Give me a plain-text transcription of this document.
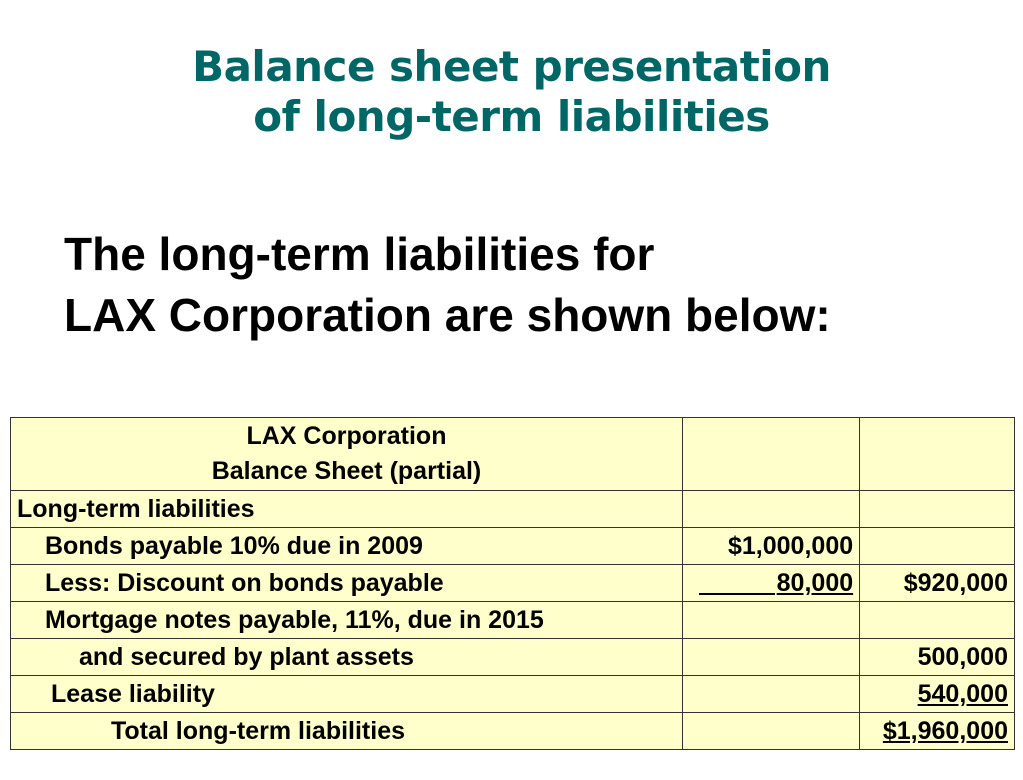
Balance sheet presentation
of long-term liabilities
The long-term liabilities for
LAX Corporation are shown below:
LAX Corporation
Balance Sheet (partial)		

Long-term liabilities		
Bonds payable 10% due in 2009	$1,000,000	
Less: Discount on bonds payable	80,000	$920,000
Mortgage notes payable, 11%, due in 2015		
and secured by plant assets		500,000
Lease liability		540,000
Total long-term liabilities		$1,960,000
